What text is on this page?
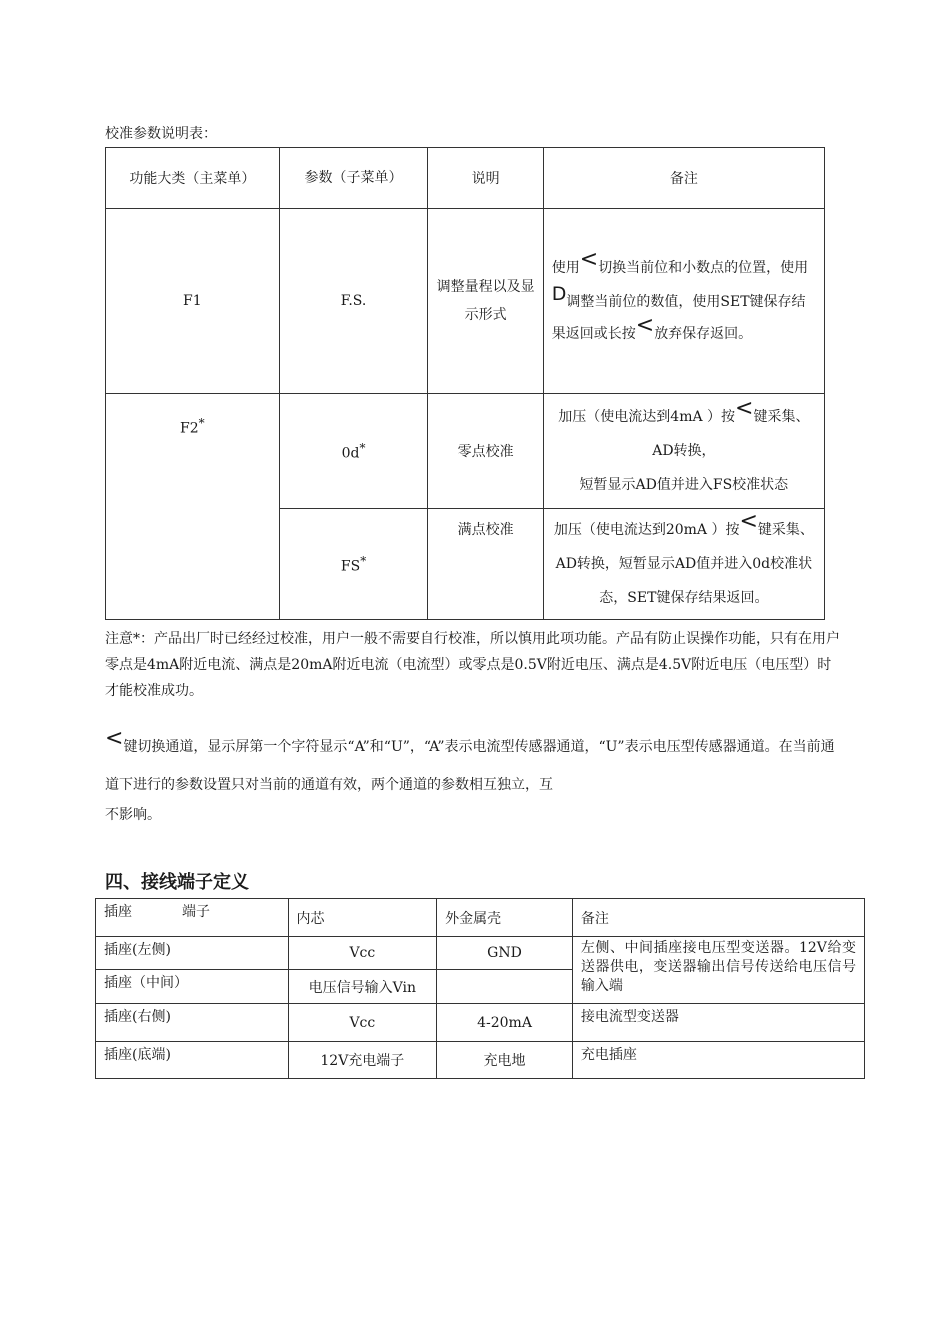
校准参数说明表：
功能大类（主菜单）	参数（子菜单）	说明	备注
F1	F.S.	调整量程以及显示形式	使用<切换当前位和小数点的位置，使用D调整当前位的数值，使用SET键保存结果返回或长按<放弃保存返回。
F2*	0d*	零点校准	加压（使电流达到4mA ）按<键采集、AD转换，
短暂显示AD值并进入FS校准状态
	FS*	满点校准	加压（使电流达到20mA ）按<键采集、AD转换，短暂显示AD值并进入0d校准状态，SET键保存结果返回。
注意*：产品出厂时已经经过校准，用户一般不需要自行校准，所以慎用此项功能。产品有防止误操作功能，只有在用户零点是4mA附近电流、满点是20mA附近电流（电流型）或零点是0.5V附近电压、满点是4.5V附近电压（电压型）时才能校准成功。
<键切换通道，显示屏第一个字符显示“A”和“U”，“A”表示电流型传感器通道，“U”表示电压型传感器通道。在当前通道下进行的参数设置只对当前的通道有效，两个通道的参数相互独立，互
不影响。
四、接线端子定义
插座 端子	内芯	外金属壳	备注
插座(左侧)	Vcc	GND	左侧、中间插座接电压型变送器。12V给变送器供电，变送器输出信号传送给电压信号输入端
插座（中间）	电压信号输入Vin		
插座(右侧)	Vcc	4-20mA	接电流型变送器
插座(底端)	12V充电端子	充电地	充电插座
